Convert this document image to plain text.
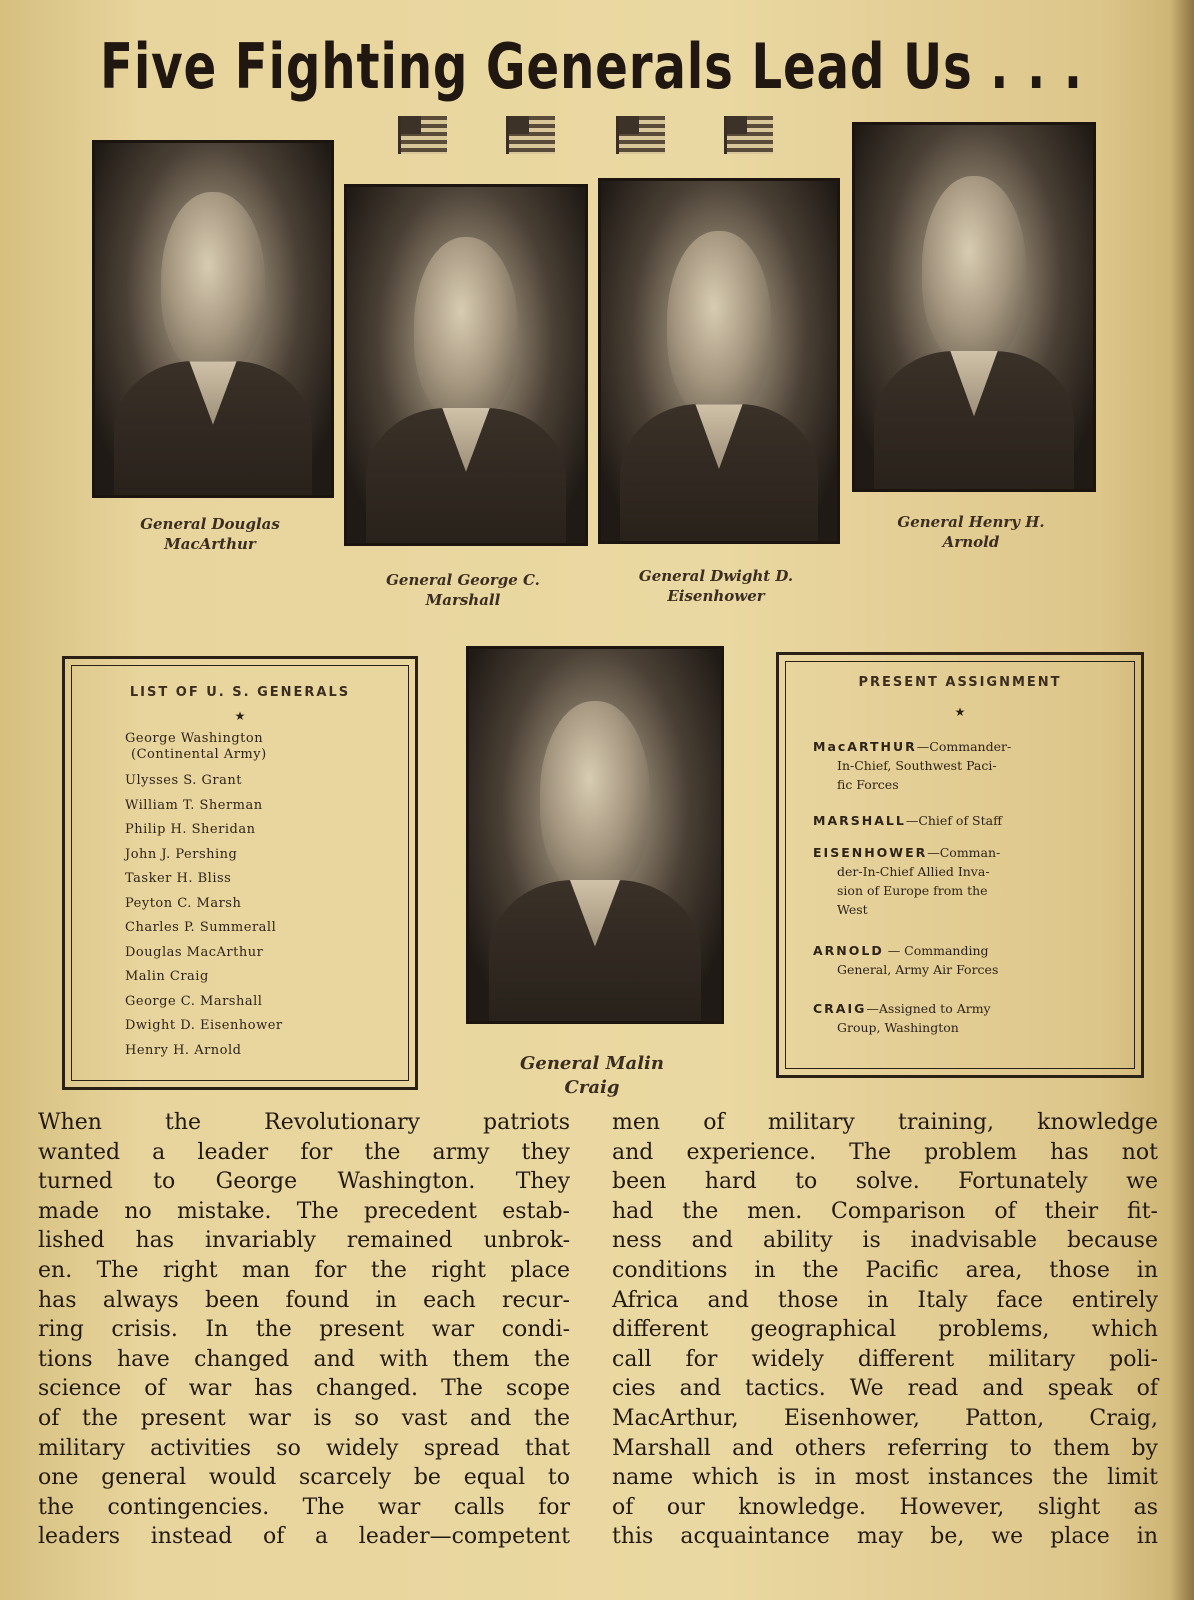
Five Fighting Generals Lead Us . . .
General Douglas
MacArthur
General George C.
Marshall
General Dwight D.
Eisenhower
General Henry H.
Arnold
General Malin
Craig
LIST OF U. S. GENERALS
★
George Washington
(Continental Army)
Ulysses S. Grant
William T. Sherman
Philip H. Sheridan
John J. Pershing
Tasker H. Bliss
Peyton C. Marsh
Charles P. Summerall
Douglas MacArthur
Malin Craig
George C. Marshall
Dwight D. Eisenhower
Henry H. Arnold
PRESENT ASSIGNMENT
★
MacARTHUR—Commander-
In-Chief, Southwest Paci-
fic Forces
MARSHALL—Chief of Staff
EISENHOWER—Comman-
der-In-Chief Allied Inva-
sion of Europe from the
West
ARNOLD — Commanding
General, Army Air Forces
CRAIG—Assigned to Army
Group, Washington
When the Revolutionary patriots
wanted a leader for the army they
turned to George Washington. They
made no mistake. The precedent estab-
lished has invariably remained unbrok-
en. The right man for the right place
has always been found in each recur-
ring crisis. In the present war condi-
tions have changed and with them the
science of war has changed. The scope
of the present war is so vast and the
military activities so widely spread that
one general would scarcely be equal to
the contingencies. The war calls for
leaders instead of a leader—competent
men of military training, knowledge
and experience. The problem has not
been hard to solve. Fortunately we
had the men. Comparison of their fit-
ness and ability is inadvisable because
conditions in the Pacific area, those in
Africa and those in Italy face entirely
different geographical problems, which
call for widely different military poli-
cies and tactics. We read and speak of
MacArthur, Eisenhower, Patton, Craig,
Marshall and others referring to them by
name which is in most instances the limit
of our knowledge. However, slight as
this acquaintance may be, we place in
